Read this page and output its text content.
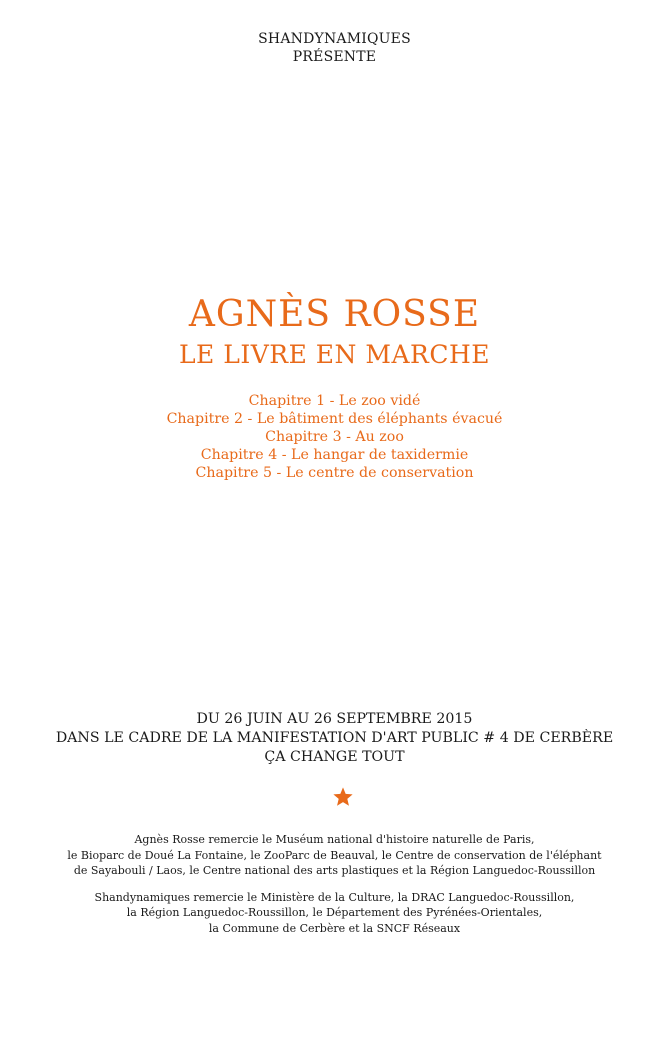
SHANDYNAMIQUES
PRÉSENTE
AGNÈS ROSSE
LE LIVRE EN MARCHE
Chapitre 1 - Le zoo vidé
Chapitre 2 - Le bâtiment des éléphants évacué
Chapitre 3 - Au zoo
Chapitre 4 - Le hangar de taxidermie
Chapitre 5 - Le centre de conservation
DU 26 JUIN AU 26 SEPTEMBRE 2015
DANS LE CADRE DE LA MANIFESTATION D'ART PUBLIC # 4 DE CERBÈRE
ÇA CHANGE TOUT
Agnès Rosse remercie le Muséum national d'histoire naturelle de Paris,
le Bioparc de Doué La Fontaine, le ZooParc de Beauval, le Centre de conservation de l'éléphant
de Sayabouli / Laos, le Centre national des arts plastiques et la Région Languedoc-Roussillon
Shandynamiques remercie le Ministère de la Culture, la DRAC Languedoc-Roussillon,
la Région Languedoc-Roussillon, le Département des Pyrénées-Orientales,
la Commune de Cerbère et la SNCF Réseaux
